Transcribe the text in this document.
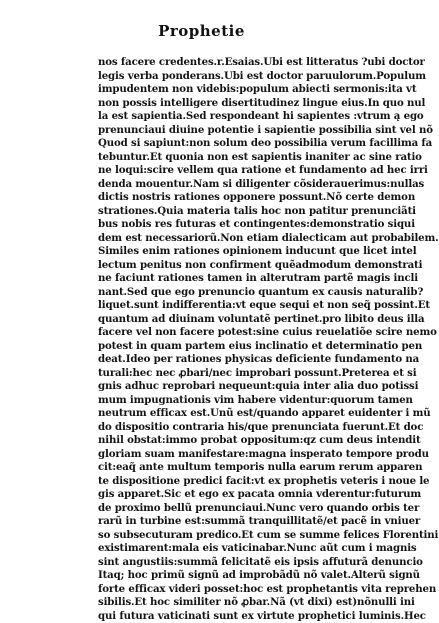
Prophetie
nos facere credentes.r.Esaias.Ubi est litteratus ?ubi doctor
legis verba ponderans.Ubi est doctor paruulorum.Populum
impudentem non videbis:populum abiecti sermonis:ita vt
non possis intelligere disertitudinez lingue eius.In quo nul
la est sapientia.Sed respondeant hi sapientes :vtrum ą ego
prenunciaui diuine potentie i sapientie possibilia sint vel nõ
Quod si sapiunt:non solum deo possibilia verum facillima fa
tebuntur.Et quonia non est sapientis inaniter ac sine ratio
ne loqui:scire vellem qua ratione et fundamento ad hec irri
denda mouentur.Nam si diligenter cõsiderauerimus:nullas
dictis nostris rationes opponere possunt.Nõ certe demon
strationes.Quia materia talis hoc non patitur prenunciãti
bus nobis res futuras et contingentes:demonstratio siqui
dem est necessariorũ.Non etiam dialecticam aut probabilem.
Similes enim rationes opinionem inducunt que licet intel
lectum penitus non confirment quẽadmodum demonstrati
ne faciunt rationes tamen in alterutram partẽ magis incli
nant.Sed que ego prenuncio quantum ex causis naturalib?
liquet.sunt indifferentia:vt eque sequi et non seq̃ possint.Et
quantum ad diuinam voluntatẽ pertinet.pro libito deus illa
facere vel non facere potest:sine cuius reuelatiõe scire nemo
potest in quam partem eius inclinatio et determinatio pen
deat.Ideo per rationes physicas deficiente fundamento na
turali:hec nec ꝓbari/nec improbari possunt.Preterea et si
gnis adhuc reprobari nequeunt:quia inter alia duo potissi
mum impugnationis vim habere videntur:quorum tamen
neutrum efficax est.Unũ est/quando apparet euidenter i mũ
do dispositio contraria his/que prenunciata fuerunt.Et doc
nihil obstat:immo probat oppositum:qz cum deus intendit
gloriam suam manifestare:magna insperato tempore produ
cit:eaq̃ ante multum temporis nulla earum rerum apparen
te dispositione predici facit:vt ex prophetis veteris i noue le
gis apparet.Sic et ego ex pacata omnia vderentur:futurum
de proximo bellũ prenunciaui.Nunc vero quando orbis ter
rarũ in turbine est:summã tranquillitatẽ/et pacẽ in vniuer
so subsecuturam predico.Et cum se summe felices Florentini
existimarent:mala eis vaticinabar.Nunc aũt cum i magnis
sint angustiis:summã felicitatẽ eis ipsis affuturã denuncio
Itaq; hoc primũ signũ ad improbãdũ nõ valet.Alterũ signũ
forte efficax videri posset:hoc est prophetantis vita reprehen
sibilis.Et hoc similiter nõ ꝓbar.Nã (vt dixi) est)nõnulli ini
qui futura vaticinati sunt ex virtute prophetici luminis.Hec
